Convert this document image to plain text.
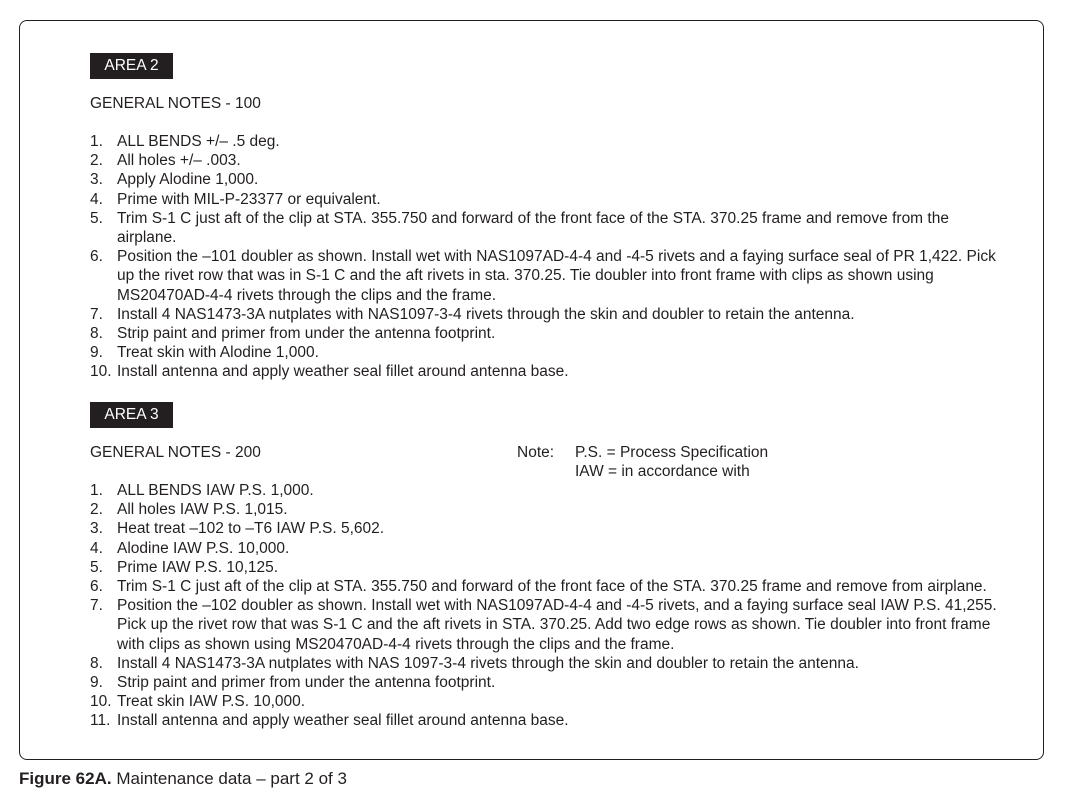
AREA 2
GENERAL NOTES - 100
1. ALL BENDS +/– .5 deg.
2. All holes +/– .003.
3. Apply Alodine 1,000.
4. Prime with MIL-P-23377 or equivalent.
5. Trim S-1 C just aft of the clip at STA. 355.750 and forward of the front face of the STA. 370.25 frame and remove from the airplane.
6. Position the –101 doubler as shown. Install wet with NAS1097AD-4-4 and -4-5 rivets and a faying surface seal of PR 1,422. Pick up the rivet row that was in S-1 C and the aft rivets in sta. 370.25. Tie doubler into front frame with clips as shown using MS20470AD-4-4 rivets through the clips and the frame.
7. Install 4 NAS1473-3A nutplates with NAS1097-3-4 rivets through the skin and doubler to retain the antenna.
8. Strip paint and primer from under the antenna footprint.
9. Treat skin with Alodine 1,000.
10. Install antenna and apply weather seal fillet around antenna base.
AREA 3
GENERAL NOTES - 200	Note:	P.S. = Process Specification
IAW = in accordance with
1. ALL BENDS IAW P.S. 1,000.
2. All holes IAW P.S. 1,015.
3. Heat treat –102 to –T6 IAW P.S. 5,602.
4. Alodine IAW P.S. 10,000.
5. Prime IAW P.S. 10,125.
6. Trim S-1 C just aft of the clip at STA. 355.750 and forward of the front face of the STA. 370.25 frame and remove from airplane.
7. Position the –102 doubler as shown. Install wet with NAS1097AD-4-4 and -4-5 rivets, and a faying surface seal IAW P.S. 41,255. Pick up the rivet row that was S-1 C and the aft rivets in STA. 370.25. Add two edge rows as shown. Tie doubler into front frame with clips as shown using MS20470AD-4-4 rivets through the clips and the frame.
8. Install 4 NAS1473-3A nutplates with NAS 1097-3-4 rivets through the skin and doubler to retain the antenna.
9. Strip paint and primer from under the antenna footprint.
10. Treat skin IAW P.S. 10,000.
11. Install antenna and apply weather seal fillet around antenna base.
Figure 62A. Maintenance data – part 2 of 3
